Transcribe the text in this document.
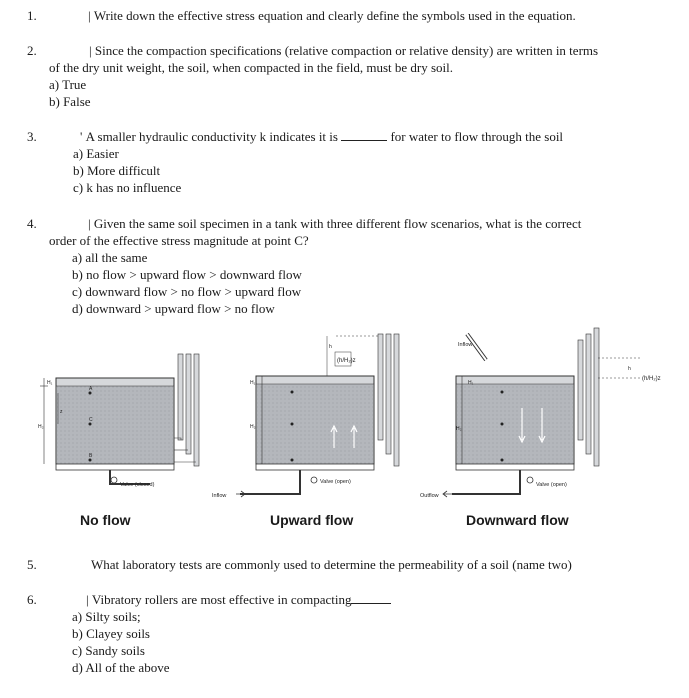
1.	| Write down the effective stress equation and clearly define the symbols used in the equation.
2.	| Since the compaction specifications (relative compaction or relative density) are written in terms
of the dry unit weight, the soil, when compacted in the field, must be dry soil.
a) True
b) False
3.	' A smaller hydraulic conductivity k indicates it is	for water to flow through the soil
a) Easier
b) More difficult
c) k has no influence
4.	| Given the same soil specimen in a tank with three different flow scenarios, what is the correct
order of the effective stress magnitude at point C?
a) all the same
b) no flow > upward flow > downward flow
c) downward flow > no flow > upward flow
d) downward > upward flow > no flow
Valve (closed)
A
C
B
H₁
H₂
z
(h/H₂)z
h
Inflow
Valve (open)
H₁
H₂
(h/H₂)z
h
Inflow
Outflow
Valve (open)
H₁
H₂
No flow	Upward flow	Downward flow
5.	What laboratory tests are commonly used to determine the permeability of a soil (name two)
6.	| Vibratory rollers are most effective in compacting
a) Silty soils;
b) Clayey soils
c) Sandy soils
d) All of the above
